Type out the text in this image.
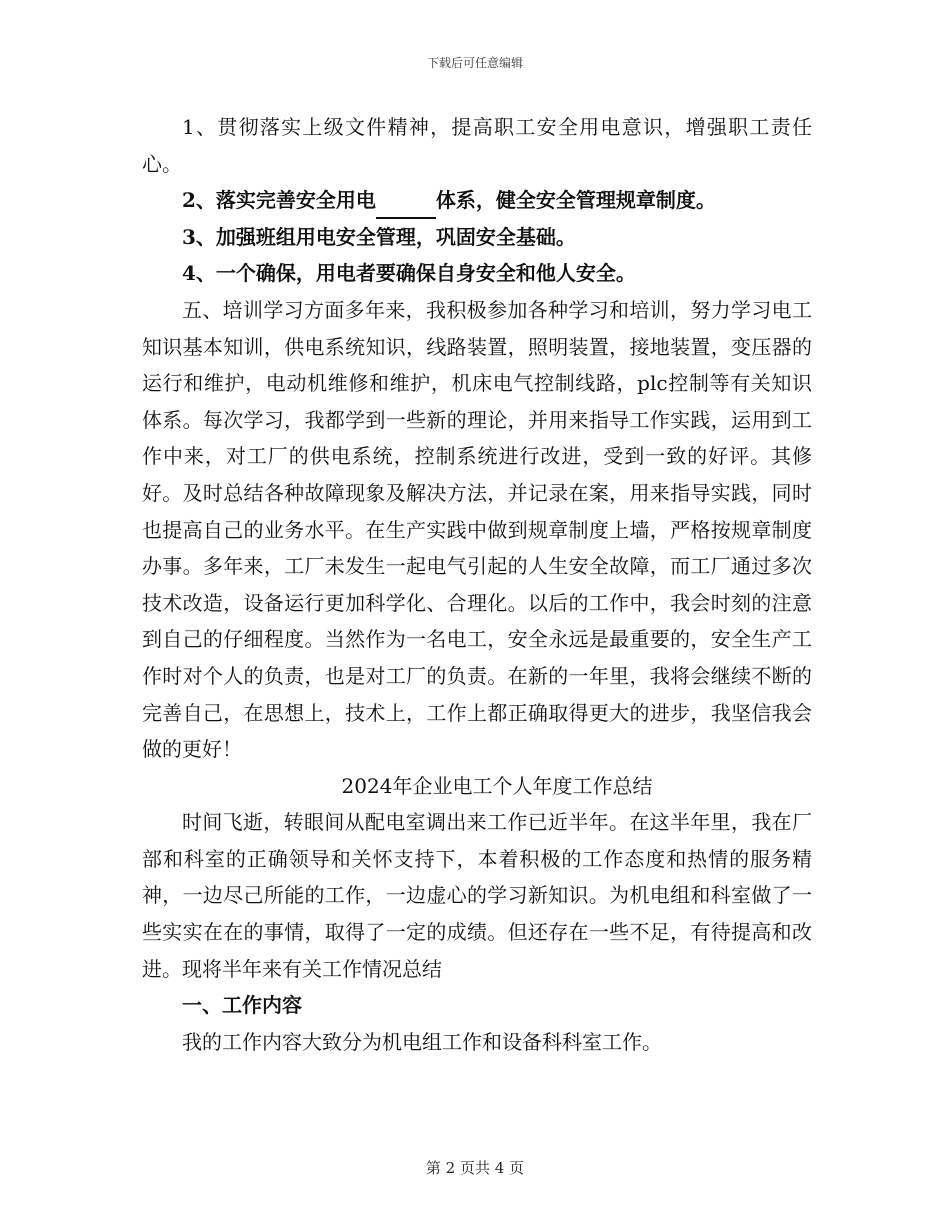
下载后可任意编辑

1、贯彻落实上级文件精神，提高职工安全用电意识，增强职工责任心。

2、落实完善安全用电	体系，健全安全管理规章制度。

3、加强班组用电安全管理，巩固安全基础。

4、一个确保，用电者要确保自身安全和他人安全。

五、培训学习方面多年来，我积极参加各种学习和培训，努力学习电工知识基本知训，供电系统知识，线路装置，照明装置，接地装置，变压器的运行和维护，电动机维修和维护，机床电气控制线路，plc控制等有关知识体系。每次学习，我都学到一些新的理论，并用来指导工作实践，运用到工作中来，对工厂的供电系统，控制系统进行改进，受到一致的好评。其修好。及时总结各种故障现象及解决方法，并记录在案，用来指导实践，同时也提高自己的业务水平。在生产实践中做到规章制度上墙，严格按规章制度办事。多年来，工厂未发生一起电气引起的人生安全故障，而工厂通过多次技术改造，设备运行更加科学化、合理化。以后的工作中，我会时刻的注意到自己的仔细程度。当然作为一名电工，安全永远是最重要的，安全生产工作时对个人的负责，也是对工厂的负责。在新的一年里，我将会继续不断的完善自己，在思想上，技术上，工作上都正确取得更大的进步，我坚信我会做的更好！

2024年企业电工个人年度工作总结

时间飞逝，转眼间从配电室调出来工作已近半年。在这半年里，我在厂部和科室的正确领导和关怀支持下，本着积极的工作态度和热情的服务精神，一边尽己所能的工作，一边虚心的学习新知识。为机电组和科室做了一些实实在在的事情，取得了一定的成绩。但还存在一些不足，有待提高和改进。现将半年来有关工作情况总结

一、工作内容

我的工作内容大致分为机电组工作和设备科科室工作。

第 2 页共 4 页
